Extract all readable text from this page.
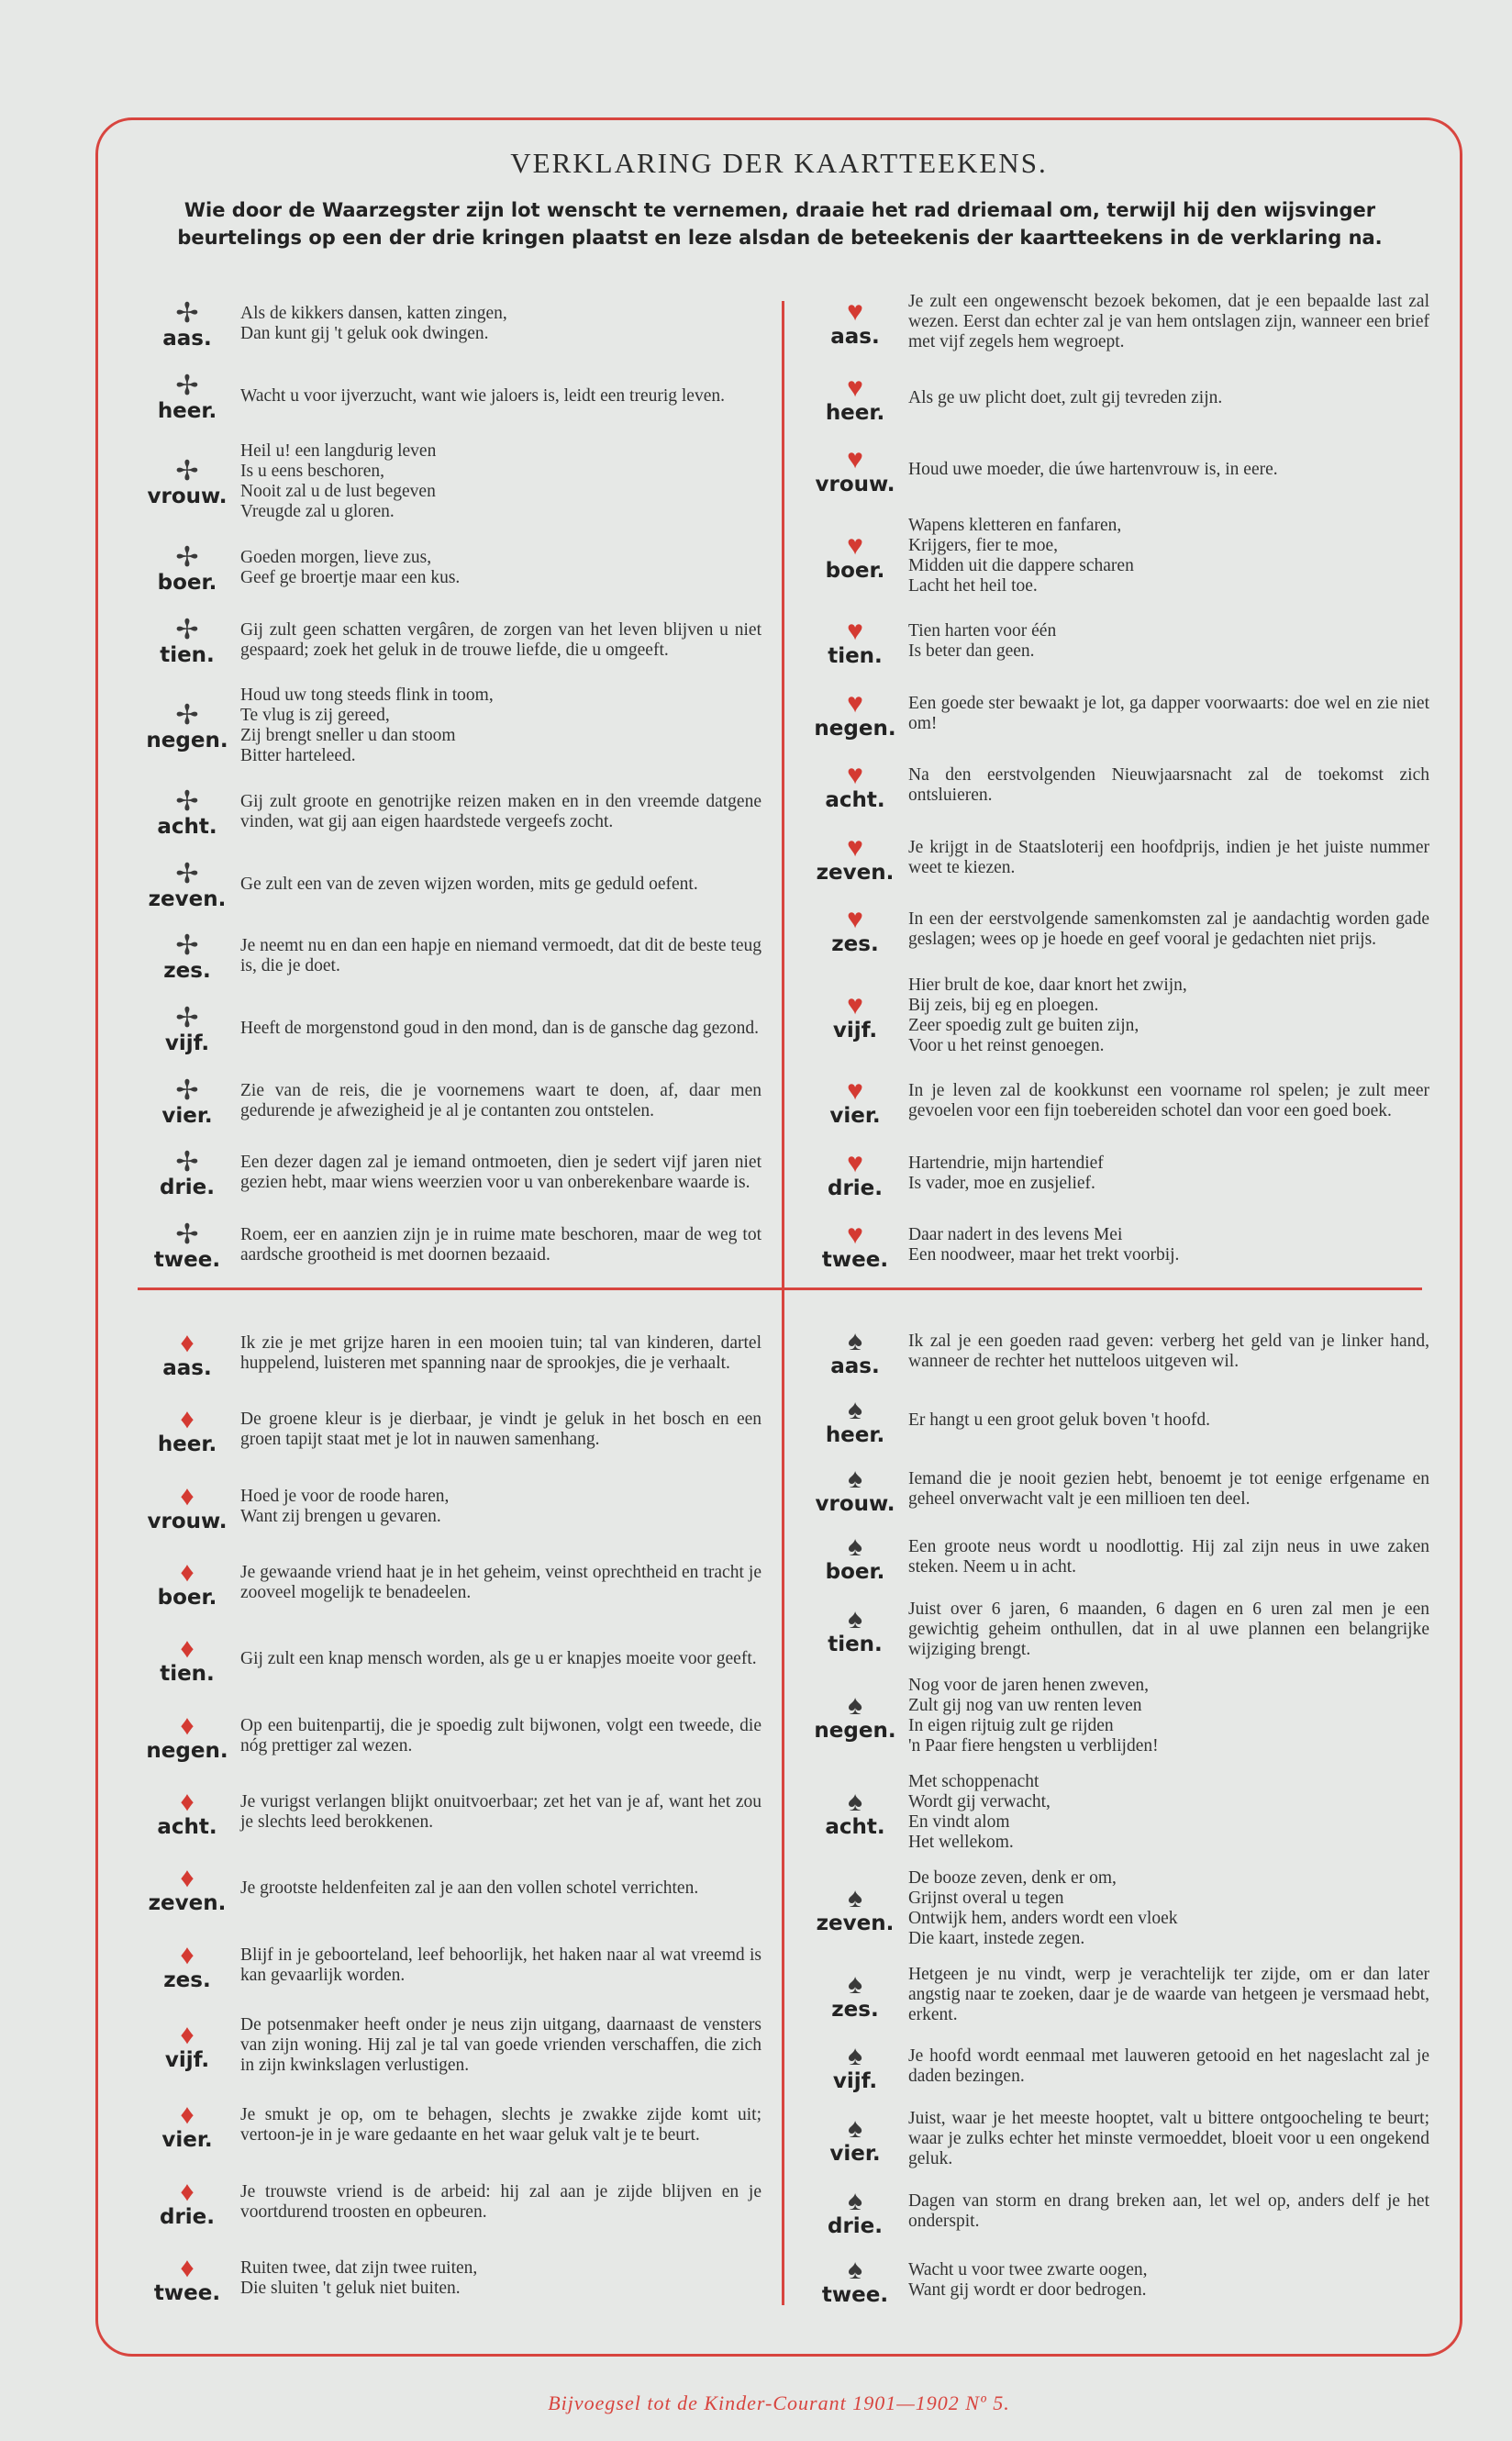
VERKLARING DER KAARTTEEKENS.
Wie door de Waarzegster zijn lot wenscht te vernemen, draaie het rad driemaal om, terwijl hij den wijsvinger beurtelings op een der drie kringen plaatst en leze alsdan de beteekenis der kaartteekens in de verklaring na.
✢
aas.
Als de kikkers dansen, katten zingen,
Dan kunt gij 't geluk ook dwingen.
✢
heer.
Wacht u voor ijverzucht, want wie jaloers is, leidt een treurig leven.
✢
vrouw.
Heil u! een langdurig leven
Is u eens beschoren,
Nooit zal u de lust begeven
Vreugde zal u gloren.
✢
boer.
Goeden morgen, lieve zus,
Geef ge broertje maar een kus.
✢
tien.
Gij zult geen schatten vergâren, de zorgen van het leven blijven u niet gespaard; zoek het geluk in de trouwe liefde, die u omgeeft.
✢
negen.
Houd uw tong steeds flink in toom,
Te vlug is zij gereed,
Zij brengt sneller u dan stoom
Bitter harteleed.
✢
acht.
Gij zult groote en genotrijke reizen maken en in den vreemde datgene vinden, wat gij aan eigen haardstede vergeefs zocht.
✢
zeven.
Ge zult een van de zeven wijzen worden, mits ge geduld oefent.
✢
zes.
Je neemt nu en dan een hapje en niemand vermoedt, dat dit de beste teug is, die je doet.
✢
vijf.
Heeft de morgenstond goud in den mond, dan is de gansche dag gezond.
✢
vier.
Zie van de reis, die je voornemens waart te doen, af, daar men gedurende je afwezigheid je al je contanten zou ontstelen.
✢
drie.
Een dezer dagen zal je iemand ontmoeten, dien je sedert vijf jaren niet gezien hebt, maar wiens weerzien voor u van onberekenbare waarde is.
✢
twee.
Roem, eer en aanzien zijn je in ruime mate beschoren, maar de weg tot aardsche grootheid is met doornen bezaaid.
♥
aas.
Je zult een ongewenscht bezoek bekomen, dat je een bepaalde last zal wezen. Eerst dan echter zal je van hem ontslagen zijn, wanneer een brief met vijf zegels hem wegroept.
♥
heer.
Als ge uw plicht doet, zult gij tevreden zijn.
♥
vrouw.
Houd uwe moeder, die úwe hartenvrouw is, in eere.
♥
boer.
Wapens kletteren en fanfaren,
Krijgers, fier te moe,
Midden uit die dappere scharen
Lacht het heil toe.
♥
tien.
Tien harten voor één
Is beter dan geen.
♥
negen.
Een goede ster bewaakt je lot, ga dapper voorwaarts: doe wel en zie niet om!
♥
acht.
Na den eerstvolgenden Nieuwjaarsnacht zal de toekomst zich ontsluieren.
♥
zeven.
Je krijgt in de Staatsloterij een hoofdprijs, indien je het juiste nummer weet te kiezen.
♥
zes.
In een der eerstvolgende samenkomsten zal je aandachtig worden gade geslagen; wees op je hoede en geef vooral je gedachten niet prijs.
♥
vijf.
Hier brult de koe, daar knort het zwijn,
Bij zeis, bij eg en ploegen.
Zeer spoedig zult ge buiten zijn,
Voor u het reinst genoegen.
♥
vier.
In je leven zal de kookkunst een voorname rol spelen; je zult meer gevoelen voor een fijn toebereiden schotel dan voor een goed boek.
♥
drie.
Hartendrie, mijn hartendief
Is vader, moe en zusjelief.
♥
twee.
Daar nadert in des levens Mei
Een noodweer, maar het trekt voorbij.
♦
aas.
Ik zie je met grijze haren in een mooien tuin; tal van kinderen, dartel huppelend, luisteren met spanning naar de sprookjes, die je verhaalt.
♦
heer.
De groene kleur is je dierbaar, je vindt je geluk in het bosch en een groen tapijt staat met je lot in nauwen samenhang.
♦
vrouw.
Hoed je voor de roode haren,
Want zij brengen u gevaren.
♦
boer.
Je gewaande vriend haat je in het geheim, veinst oprechtheid en tracht je zooveel mogelijk te benadeelen.
♦
tien.
Gij zult een knap mensch worden, als ge u er knapjes moeite voor geeft.
♦
negen.
Op een buitenpartij, die je spoedig zult bijwonen, volgt een tweede, die nóg prettiger zal wezen.
♦
acht.
Je vurigst verlangen blijkt onuitvoerbaar; zet het van je af, want het zou je slechts leed berokkenen.
♦
zeven.
Je grootste heldenfeiten zal je aan den vollen schotel verrichten.
♦
zes.
Blijf in je geboorteland, leef behoorlijk, het haken naar al wat vreemd is kan gevaarlijk worden.
♦
vijf.
De potsenmaker heeft onder je neus zijn uitgang, daarnaast de vensters van zijn woning. Hij zal je tal van goede vrienden verschaffen, die zich in zijn kwinkslagen verlustigen.
♦
vier.
Je smukt je op, om te behagen, slechts je zwakke zijde komt uit; vertoon-je in je ware gedaante en het waar geluk valt je te beurt.
♦
drie.
Je trouwste vriend is de arbeid: hij zal aan je zijde blijven en je voortdurend troosten en opbeuren.
♦
twee.
Ruiten twee, dat zijn twee ruiten,
Die sluiten 't geluk niet buiten.
♠
aas.
Ik zal je een goeden raad geven: verberg het geld van je linker hand, wanneer de rechter het nutteloos uitgeven wil.
♠
heer.
Er hangt u een groot geluk boven 't hoofd.
♠
vrouw.
Iemand die je nooit gezien hebt, benoemt je tot eenige erfgename en geheel onverwacht valt je een millioen ten deel.
♠
boer.
Een groote neus wordt u noodlottig. Hij zal zijn neus in uwe zaken steken. Neem u in acht.
♠
tien.
Juist over 6 jaren, 6 maanden, 6 dagen en 6 uren zal men je een gewichtig geheim onthullen, dat in al uwe plannen een belangrijke wijziging brengt.
♠
negen.
Nog voor de jaren henen zweven,
Zult gij nog van uw renten leven
In eigen rijtuig zult ge rijden
'n Paar fiere hengsten u verblijden!
♠
acht.
Met schoppenacht
Wordt gij verwacht,
En vindt alom
Het wellekom.
♠
zeven.
De booze zeven, denk er om,
Grijnst overal u tegen
Ontwijk hem, anders wordt een vloek
Die kaart, instede zegen.
♠
zes.
Hetgeen je nu vindt, werp je verachtelijk ter zijde, om er dan later angstig naar te zoeken, daar je de waarde van hetgeen je versmaad hebt, erkent.
♠
vijf.
Je hoofd wordt eenmaal met lauweren getooid en het nageslacht zal je daden bezingen.
♠
vier.
Juist, waar je het meeste hooptet, valt u bittere ontgoocheling te beurt; waar je zulks echter het minste vermoeddet, bloeit voor u een ongekend geluk.
♠
drie.
Dagen van storm en drang breken aan, let wel op, anders delf je het onderspit.
♠
twee.
Wacht u voor twee zwarte oogen,
Want gij wordt er door bedrogen.
Bijvoegsel tot de Kinder-Courant 1901—1902 Nº 5.
